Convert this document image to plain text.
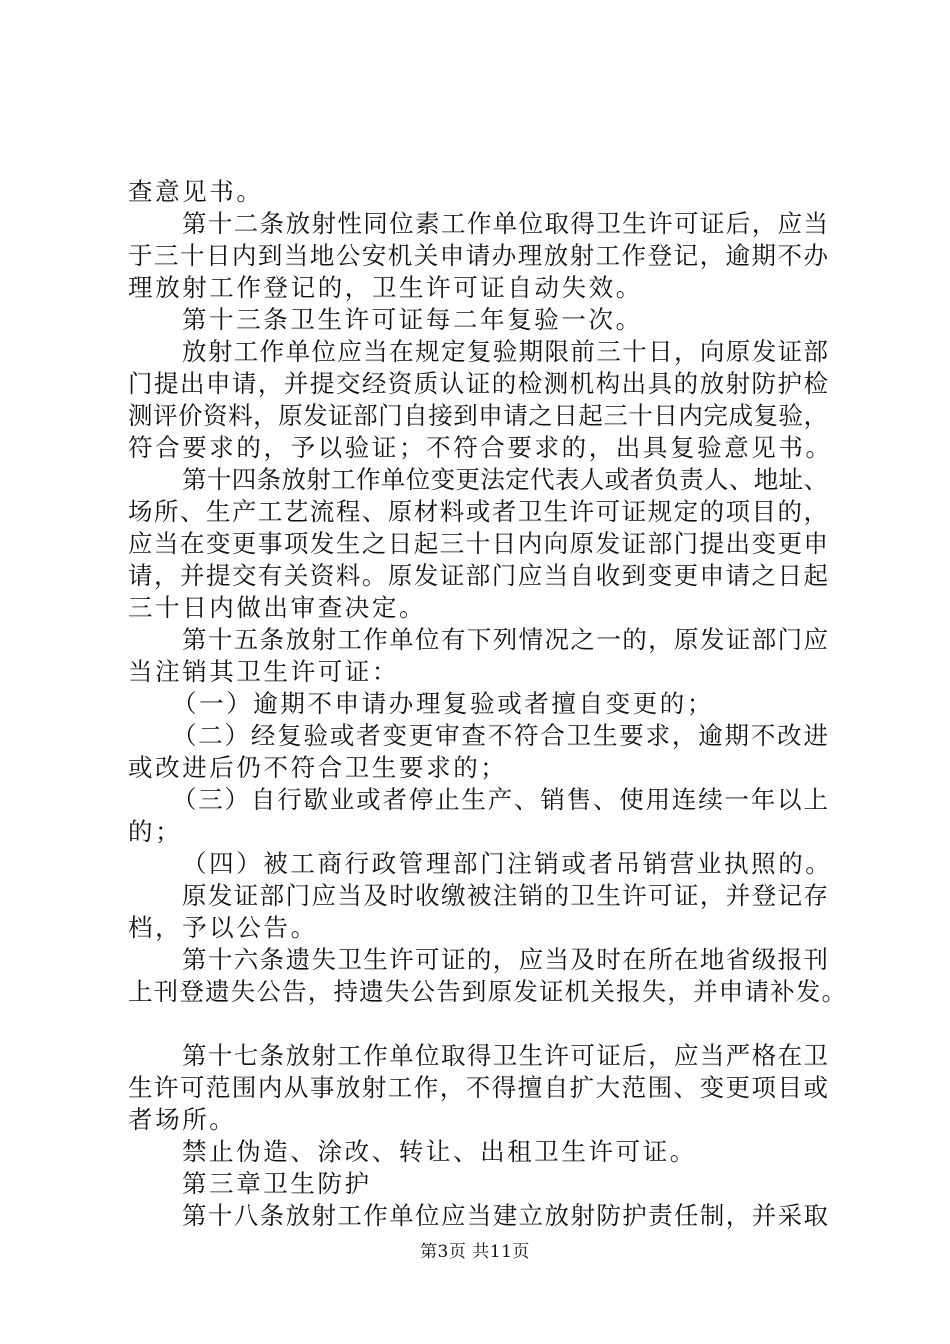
查意见书。
第十二条放射性同位素工作单位取得卫生许可证后，应当
于三十日内到当地公安机关申请办理放射工作登记，逾期不办
理放射工作登记的，卫生许可证自动失效。
第十三条卫生许可证每二年复验一次。
放射工作单位应当在规定复验期限前三十日，向原发证部
门提出申请，并提交经资质认证的检测机构出具的放射防护检
测评价资料，原发证部门自接到申请之日起三十日内完成复验，
符合要求的，予以验证；不符合要求的，出具复验意见书。
第十四条放射工作单位变更法定代表人或者负责人、地址、
场所、生产工艺流程、原材料或者卫生许可证规定的项目的，
应当在变更事项发生之日起三十日内向原发证部门提出变更申
请，并提交有关资料。原发证部门应当自收到变更申请之日起
三十日内做出审查决定。
第十五条放射工作单位有下列情况之一的，原发证部门应
当注销其卫生许可证：
（一）逾期不申请办理复验或者擅自变更的；
（二）经复验或者变更审查不符合卫生要求，逾期不改进
或改进后仍不符合卫生要求的；
（三）自行歇业或者停止生产、销售、使用连续一年以上
的；
（四）被工商行政管理部门注销或者吊销营业执照的。
原发证部门应当及时收缴被注销的卫生许可证，并登记存
档，予以公告。
第十六条遗失卫生许可证的，应当及时在所在地省级报刊
上刊登遗失公告，持遗失公告到原发证机关报失，并申请补发。
第十七条放射工作单位取得卫生许可证后，应当严格在卫
生许可范围内从事放射工作，不得擅自扩大范围、变更项目或
者场所。
禁止伪造、涂改、转让、出租卫生许可证。
第三章卫生防护
第十八条放射工作单位应当建立放射防护责任制，并采取
第3页 共11页
